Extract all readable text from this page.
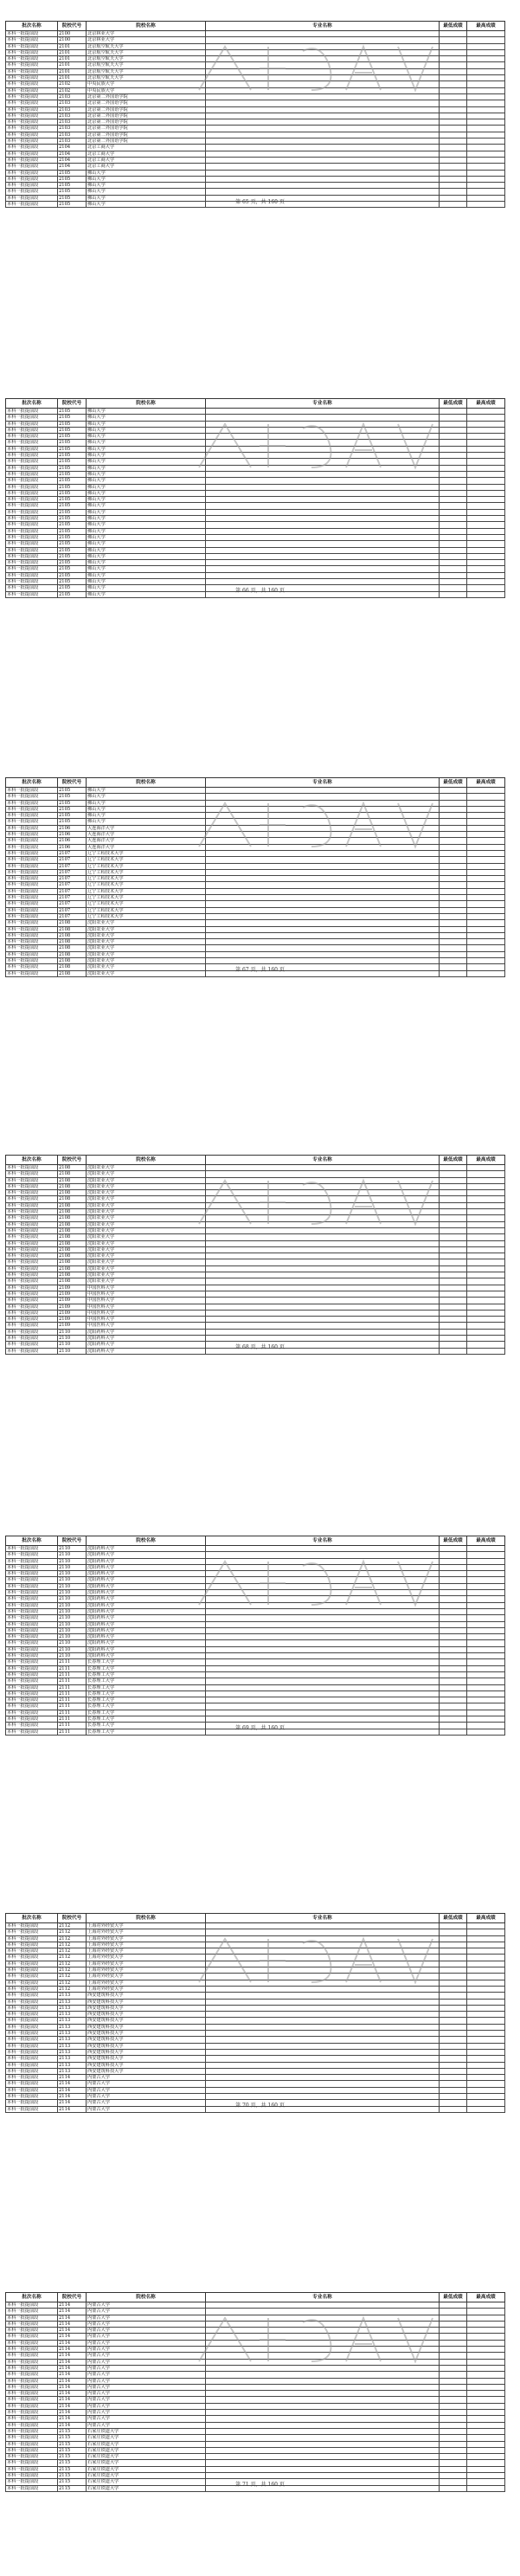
批次名称	院校代号	院校名称	专业名称	最低成绩	最高成绩
本科一批提前段	2100	北京林业大学			
本科一批提前段	2100	北京林业大学			
本科一批提前段	2101	北京航空航天大学			
本科一批提前段	2101	北京航空航天大学			
本科一批提前段	2101	北京航空航天大学			
本科一批提前段	2101	北京航空航天大学			
本科一批提前段	2101	北京航空航天大学			
本科一批提前段	2101	北京航空航天大学			
本科一批提前段	2102	中央民族大学			
本科一批提前段	2102	中央民族大学			
本科一批提前段	2103	北京第二外国语学院			
本科一批提前段	2103	北京第二外国语学院			
本科一批提前段	2103	北京第二外国语学院			
本科一批提前段	2103	北京第二外国语学院			
本科一批提前段	2103	北京第二外国语学院			
本科一批提前段	2103	北京第二外国语学院			
本科一批提前段	2103	北京第二外国语学院			
本科一批提前段	2103	北京第二外国语学院			
本科一批提前段	2104	北京工商大学			
本科一批提前段	2104	北京工商大学			
本科一批提前段	2104	北京工商大学			
本科一批提前段	2104	北京工商大学			
本科一批提前段	2105	佛山大学			
本科一批提前段	2105	佛山大学			
本科一批提前段	2105	佛山大学			
本科一批提前段	2105	佛山大学			
本科一批提前段	2105	佛山大学			
本科一批提前段	2105	佛山大学				第 65 页，共 160 页
批次名称	院校代号	院校名称	专业名称	最低成绩	最高成绩
本科一批提前段	2105	佛山大学			
本科一批提前段	2105	佛山大学			
本科一批提前段	2105	佛山大学			
本科一批提前段	2105	佛山大学			
本科一批提前段	2105	佛山大学			
本科一批提前段	2105	佛山大学			
本科一批提前段	2105	佛山大学			
本科一批提前段	2105	佛山大学			
本科一批提前段	2105	佛山大学			
本科一批提前段	2105	佛山大学			
本科一批提前段	2105	佛山大学			
本科一批提前段	2105	佛山大学			
本科一批提前段	2105	佛山大学			
本科一批提前段	2105	佛山大学			
本科一批提前段	2105	佛山大学			
本科一批提前段	2105	佛山大学			
本科一批提前段	2105	佛山大学			
本科一批提前段	2105	佛山大学			
本科一批提前段	2105	佛山大学			
本科一批提前段	2105	佛山大学			
本科一批提前段	2105	佛山大学			
本科一批提前段	2105	佛山大学			
本科一批提前段	2105	佛山大学			
本科一批提前段	2105	佛山大学			
本科一批提前段	2105	佛山大学			
本科一批提前段	2105	佛山大学			
本科一批提前段	2105	佛山大学			
本科一批提前段	2105	佛山大学			
本科一批提前段	2105	佛山大学			
本科一批提前段	2105	佛山大学			
第 66 页，共 160 页
批次名称	院校代号	院校名称	专业名称	最低成绩	最高成绩
本科一批提前段	2105	佛山大学			
本科一批提前段	2105	佛山大学			
本科一批提前段	2105	佛山大学			
本科一批提前段	2105	佛山大学			
本科一批提前段	2105	佛山大学			
本科一批提前段	2105	佛山大学			
本科一批提前段	2106	大连海洋大学			
本科一批提前段	2106	大连海洋大学			
本科一批提前段	2106	大连海洋大学			
本科一批提前段	2106	大连海洋大学			
本科一批提前段	2107	辽宁工程技术大学			
本科一批提前段	2107	辽宁工程技术大学			
本科一批提前段	2107	辽宁工程技术大学			
本科一批提前段	2107	辽宁工程技术大学			
本科一批提前段	2107	辽宁工程技术大学			
本科一批提前段	2107	辽宁工程技术大学			
本科一批提前段	2107	辽宁工程技术大学			
本科一批提前段	2107	辽宁工程技术大学			
本科一批提前段	2107	辽宁工程技术大学			
本科一批提前段	2107	辽宁工程技术大学			
本科一批提前段	2107	辽宁工程技术大学			
本科一批提前段	2108	沈阳农业大学			
本科一批提前段	2108	沈阳农业大学			
本科一批提前段	2108	沈阳农业大学			
本科一批提前段	2108	沈阳农业大学			
本科一批提前段	2108	沈阳农业大学			
本科一批提前段	2108	沈阳农业大学			
本科一批提前段	2108	沈阳农业大学			
本科一批提前段	2108	沈阳农业大学			
本科一批提前段	2108	沈阳农业大学			
第 67 页，共 160 页
批次名称	院校代号	院校名称	专业名称	最低成绩	最高成绩
本科一批提前段	2108	沈阳农业大学			
本科一批提前段	2108	沈阳农业大学			
本科一批提前段	2108	沈阳农业大学			
本科一批提前段	2108	沈阳农业大学			
本科一批提前段	2108	沈阳农业大学			
本科一批提前段	2108	沈阳农业大学			
本科一批提前段	2108	沈阳农业大学			
本科一批提前段	2108	沈阳农业大学			
本科一批提前段	2108	沈阳农业大学			
本科一批提前段	2108	沈阳农业大学			
本科一批提前段	2108	沈阳农业大学			
本科一批提前段	2108	沈阳农业大学			
本科一批提前段	2108	沈阳农业大学			
本科一批提前段	2108	沈阳农业大学			
本科一批提前段	2108	沈阳农业大学			
本科一批提前段	2108	沈阳农业大学			
本科一批提前段	2108	沈阳农业大学			
本科一批提前段	2108	沈阳农业大学			
本科一批提前段	2108	沈阳农业大学			
本科一批提前段	2109	中国医科大学			
本科一批提前段	2109	中国医科大学			
本科一批提前段	2109	中国医科大学			
本科一批提前段	2109	中国医科大学			
本科一批提前段	2109	中国医科大学			
本科一批提前段	2109	中国医科大学			
本科一批提前段	2109	中国医科大学			
本科一批提前段	2110	沈阳药科大学			
本科一批提前段	2110	沈阳药科大学			
本科一批提前段	2110	沈阳药科大学			
本科一批提前段	2110	沈阳药科大学			
第 68 页，共 160 页
批次名称	院校代号	院校名称	专业名称	最低成绩	最高成绩
本科一批提前段	2110	沈阳药科大学			
本科一批提前段	2110	沈阳药科大学			
本科一批提前段	2110	沈阳药科大学			
本科一批提前段	2110	沈阳药科大学			
本科一批提前段	2110	沈阳药科大学			
本科一批提前段	2110	沈阳药科大学			
本科一批提前段	2110	沈阳药科大学			
本科一批提前段	2110	沈阳药科大学			
本科一批提前段	2110	沈阳药科大学			
本科一批提前段	2110	沈阳药科大学			
本科一批提前段	2110	沈阳药科大学			
本科一批提前段	2110	沈阳药科大学			
本科一批提前段	2110	沈阳药科大学			
本科一批提前段	2110	沈阳药科大学			
本科一批提前段	2110	沈阳药科大学			
本科一批提前段	2110	沈阳药科大学			
本科一批提前段	2110	沈阳药科大学			
本科一批提前段	2110	沈阳药科大学			
本科一批提前段	2111	长春理工大学			
本科一批提前段	2111	长春理工大学			
本科一批提前段	2111	长春理工大学			
本科一批提前段	2111	长春理工大学			
本科一批提前段	2111	长春理工大学			
本科一批提前段	2111	长春理工大学			
本科一批提前段	2111	长春理工大学			
本科一批提前段	2111	长春理工大学			
本科一批提前段	2111	长春理工大学			
本科一批提前段	2111	长春理工大学			
本科一批提前段	2111	长春理工大学			
本科一批提前段	2111	长春理工大学			
第 69 页，共 160 页
批次名称	院校代号	院校名称	专业名称	最低成绩	最高成绩
本科一批提前段	2112	上海对外经贸大学			
本科一批提前段	2112	上海对外经贸大学			
本科一批提前段	2112	上海对外经贸大学			
本科一批提前段	2112	上海对外经贸大学			
本科一批提前段	2112	上海对外经贸大学			
本科一批提前段	2112	上海对外经贸大学			
本科一批提前段	2112	上海对外经贸大学			
本科一批提前段	2112	上海对外经贸大学			
本科一批提前段	2112	上海对外经贸大学			
本科一批提前段	2112	上海对外经贸大学			
本科一批提前段	2112	上海对外经贸大学			
本科一批提前段	2113	西安建筑科技大学			
本科一批提前段	2113	西安建筑科技大学			
本科一批提前段	2113	西安建筑科技大学			
本科一批提前段	2113	西安建筑科技大学			
本科一批提前段	2113	西安建筑科技大学			
本科一批提前段	2113	西安建筑科技大学			
本科一批提前段	2113	西安建筑科技大学			
本科一批提前段	2113	西安建筑科技大学			
本科一批提前段	2113	西安建筑科技大学			
本科一批提前段	2113	西安建筑科技大学			
本科一批提前段	2113	西安建筑科技大学			
本科一批提前段	2113	西安建筑科技大学			
本科一批提前段	2113	西安建筑科技大学			
本科一批提前段	2114	内蒙古大学			
本科一批提前段	2114	内蒙古大学			
本科一批提前段	2114	内蒙古大学			
本科一批提前段	2114	内蒙古大学			
本科一批提前段	2114	内蒙古大学			
本科一批提前段	2114	内蒙古大学			
第 70 页，共 160 页
批次名称	院校代号	院校名称	专业名称	最低成绩	最高成绩
本科一批提前段	2114	内蒙古大学			
本科一批提前段	2114	内蒙古大学			
本科一批提前段	2114	内蒙古大学			
本科一批提前段	2114	内蒙古大学			
本科一批提前段	2114	内蒙古大学			
本科一批提前段	2114	内蒙古大学			
本科一批提前段	2114	内蒙古大学			
本科一批提前段	2114	内蒙古大学			
本科一批提前段	2114	内蒙古大学			
本科一批提前段	2114	内蒙古大学			
本科一批提前段	2114	内蒙古大学			
本科一批提前段	2114	内蒙古大学			
本科一批提前段	2114	内蒙古大学			
本科一批提前段	2114	内蒙古大学			
本科一批提前段	2114	内蒙古大学			
本科一批提前段	2114	内蒙古大学			
本科一批提前段	2114	内蒙古大学			
本科一批提前段	2114	内蒙古大学			
本科一批提前段	2114	内蒙古大学			
本科一批提前段	2114	内蒙古大学			
本科一批提前段	2115	石家庄铁道大学			
本科一批提前段	2115	石家庄铁道大学			
本科一批提前段	2115	石家庄铁道大学			
本科一批提前段	2115	石家庄铁道大学			
本科一批提前段	2115	石家庄铁道大学			
本科一批提前段	2115	石家庄铁道大学			
本科一批提前段	2115	石家庄铁道大学			
本科一批提前段	2115	石家庄铁道大学			
本科一批提前段	2115	石家庄铁道大学			
本科一批提前段	2115	石家庄铁道大学			
第 71 页，共 160 页
